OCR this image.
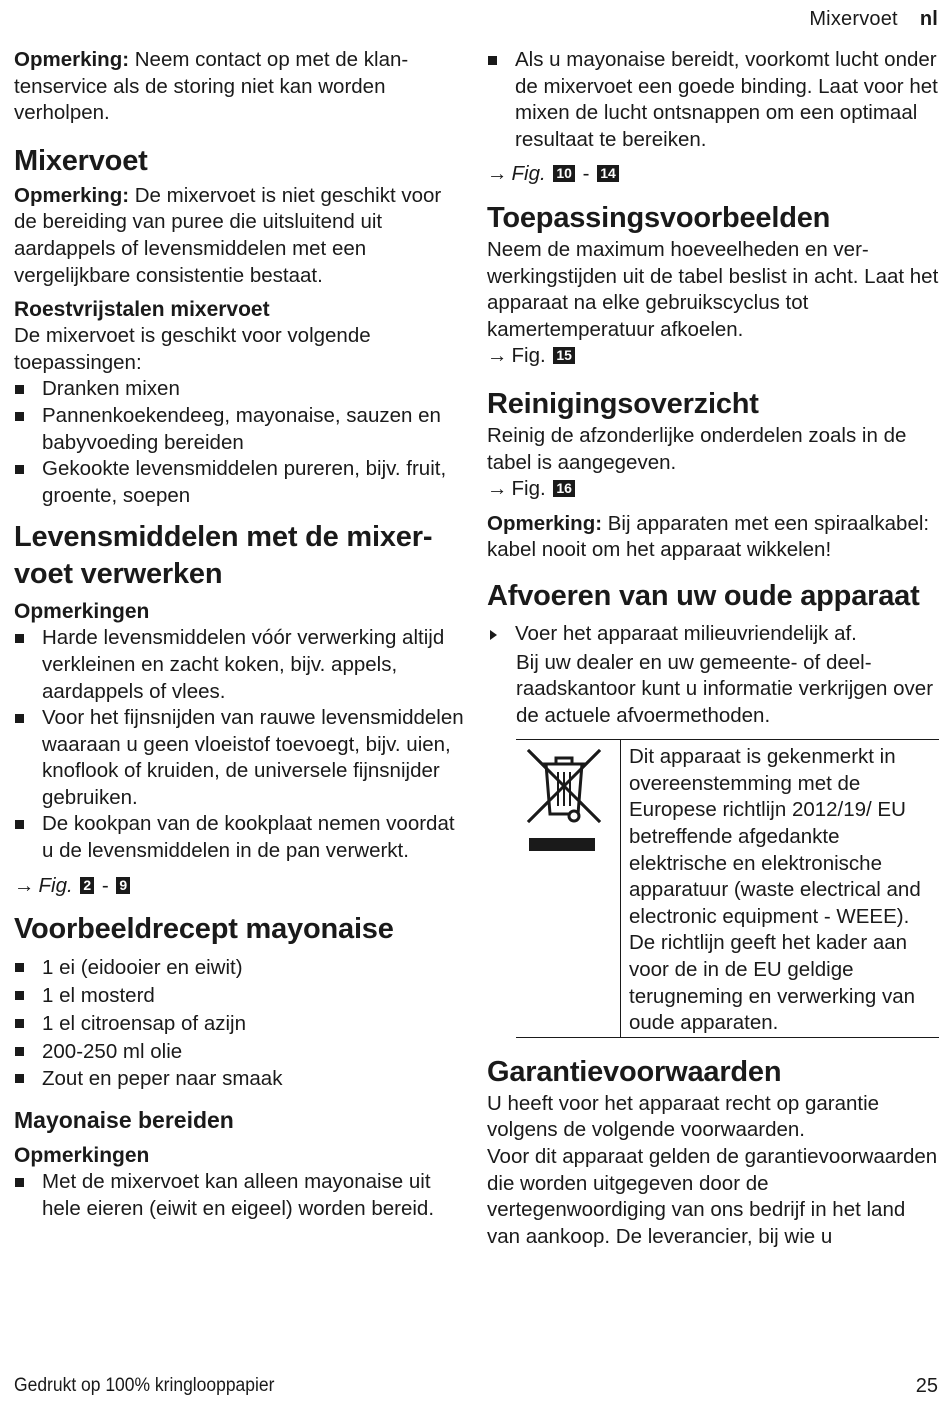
Mixervoet nl

Opmerking: Neem contact op met de klantenservice als de storing niet kan worden verholpen.

Mixervoet

Opmerking: De mixervoet is niet geschikt voor de bereiding van puree die uitsluitend uit aardappels of levensmiddelen met een vergelijkbare consistentie bestaat.

Roestvrijstalen mixervoet

De mixervoet is geschikt voor volgende toepassingen:

Dranken mixen
Pannenkoekendeeg, mayonaise, sauzen en babyvoeding bereiden
Gekookte levensmiddelen pureren, bijv. fruit, groente, soepen
Levensmiddelen met de mixervoet verwerken
Opmerkingen
Harde levensmiddelen vóór verwerking altijd verkleinen en zacht koken, bijv. appels, aardappels of vlees.
Voor het fijnsnijden van rauwe levensmiddelen waaraan u geen vloeistof toevoegt, bijv. uien, knoflook of kruiden, de universele fijnsnijder gebruiken.
De kookpan van de kookplaat nemen voordat u de levensmiddelen in de pan verwerkt.

→ Fig. 2 - 9

Voorbeeldrecept mayonaise
1 ei (eidooier en eiwit)
1 el mosterd
1 el citroensap of azijn
200-250 ml olie
Zout en peper naar smaak
Mayonaise bereiden
Opmerkingen
Met de mixervoet kan alleen mayonaise uit hele eieren (eiwit en eigeel) worden bereid.
Als u mayonaise bereidt, voorkomt lucht onder de mixervoet een goede binding. Laat voor het mixen de lucht ontsnappen om een optimaal resultaat te bereiken.

→ Fig. 10 - 14

Toepassingsvoorbeelden

Neem de maximum hoeveelheden en verwerkingstijden uit de tabel beslist in acht. Laat het apparaat na elke gebruikscyclus tot kamertemperatuur afkoelen.

→ Fig. 15

Reinigingsoverzicht

Reinig de afzonderlijke onderdelen zoals in de tabel is aangegeven.

→ Fig. 16

Opmerking: Bij apparaten met een spiraalkabel: kabel nooit om het apparaat wikkelen!

Afvoeren van uw oude apparaat
Voer het apparaat milieuvriendelijk af.

Bij uw dealer en uw gemeente- of deelraadskantoor kunt u informatie verkrijgen over de actuele afvoermethoden.

Dit apparaat is gekenmerkt in overeenstemming met de Europese richtlijn 2012/19/ EU betreffende afgedankte elektrische en elektronische apparatuur (waste electrical and electronic equipment - WEEE).

De richtlijn geeft het kader aan voor de in de EU geldige terugneming en verwerking van oude apparaten.

Garantievoorwaarden

U heeft voor het apparaat recht op garantie volgens de volgende voorwaarden.

Voor dit apparaat gelden de garantievoorwaarden die worden uitgegeven door de vertegenwoordiging van ons bedrijf in het land van aankoop. De leverancier, bij wie u

Gedrukt op 100% kringlooppapier	25
